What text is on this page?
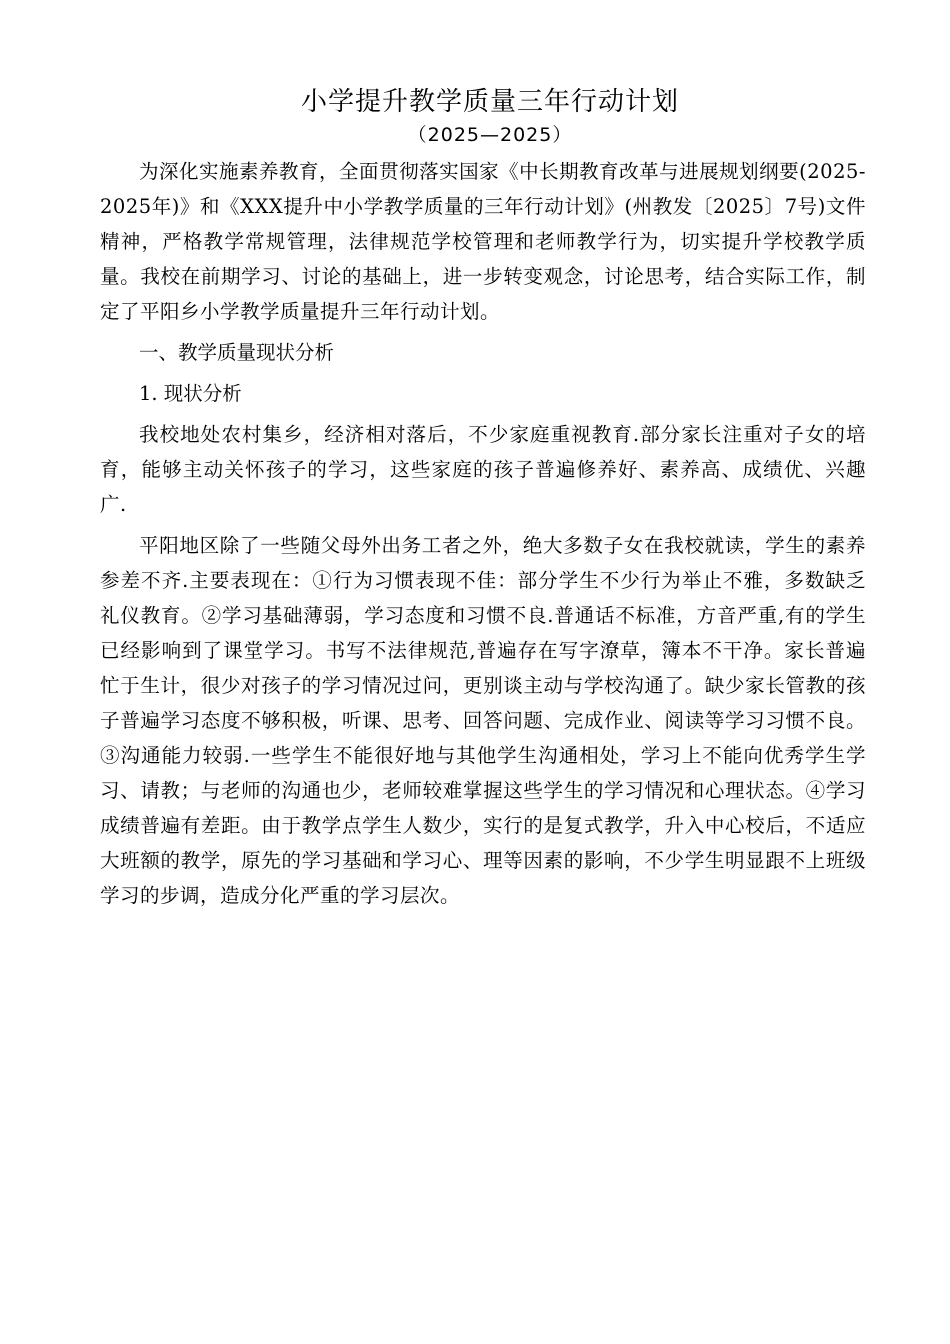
小学提升教学质量三年行动计划
（2025—2025）

为深化实施素养教育，全面贯彻落实国家《中长期教育改革与进展规划纲要(2025-2025年)》和《XXX提升中小学教学质量的三年行动计划》(州教发〔2025〕7号)文件精神，严格教学常规管理，法律规范学校管理和老师教学行为，切实提升学校教学质量。我校在前期学习、讨论的基础上，进一步转变观念，讨论思考，结合实际工作，制定了平阳乡小学教学质量提升三年行动计划。

一、教学质量现状分析

1. 现状分析

我校地处农村集乡，经济相对落后，不少家庭重视教育.部分家长注重对子女的培育，能够主动关怀孩子的学习，这些家庭的孩子普遍修养好、素养高、成绩优、兴趣广.

平阳地区除了一些随父母外出务工者之外，绝大多数子女在我校就读，学生的素养参差不齐.主要表现在：①行为习惯表现不佳：部分学生不少行为举止不雅，多数缺乏礼仪教育。②学习基础薄弱，学习态度和习惯不良.普通话不标准，方音严重,有的学生已经影响到了课堂学习。书写不法律规范,普遍存在写字潦草，簿本不干净。家长普遍忙于生计，很少对孩子的学习情况过问，更别谈主动与学校沟通了。缺少家长管教的孩子普遍学习态度不够积极，听课、思考、回答问题、完成作业、阅读等学习习惯不良。③沟通能力较弱.一些学生不能很好地与其他学生沟通相处，学习上不能向优秀学生学习、请教；与老师的沟通也少，老师较难掌握这些学生的学习情况和心理状态。④学习成绩普遍有差距。由于教学点学生人数少，实行的是复式教学，升入中心校后，不适应大班额的教学，原先的学习基础和学习心、理等因素的影响，不少学生明显跟不上班级学习的步调，造成分化严重的学习层次。
